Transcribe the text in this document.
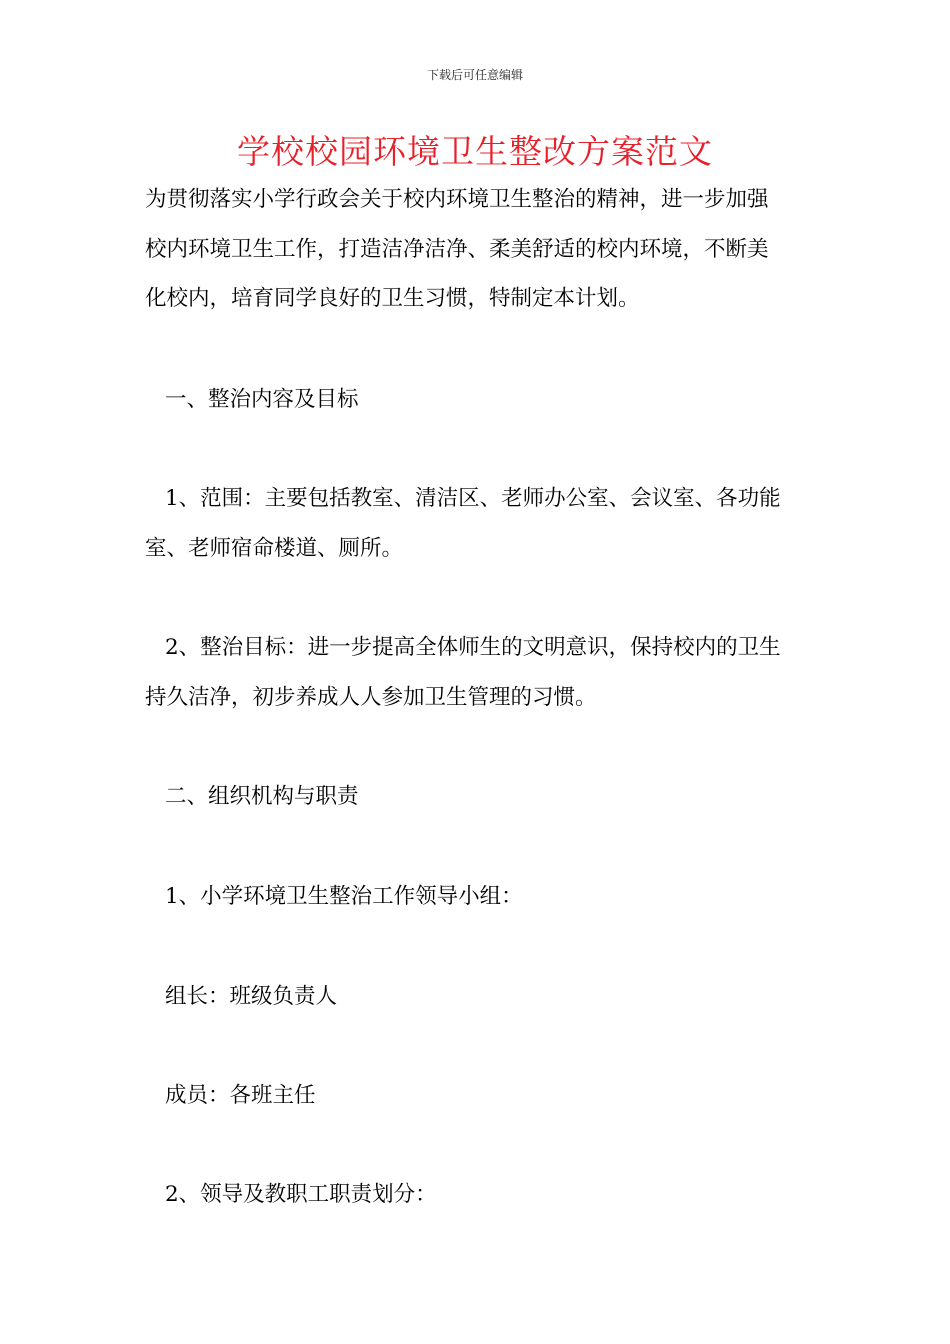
下载后可任意编辑
学校校园环境卫生整改方案范文
为贯彻落实小学行政会关于校内环境卫生整治的精神，进一步加强
校内环境卫生工作，打造洁净洁净、柔美舒适的校内环境，不断美
化校内，培育同学良好的卫生习惯，特制定本计划。
一、整治内容及目标
1、范围：主要包括教室、清洁区、老师办公室、会议室、各功能
室、老师宿命楼道、厕所。
2、整治目标：进一步提高全体师生的文明意识，保持校内的卫生
持久洁净，初步养成人人参加卫生管理的习惯。
二、组织机构与职责
1、小学环境卫生整治工作领导小组：
组长：班级负责人
成员：各班主任
2、领导及教职工职责划分：
